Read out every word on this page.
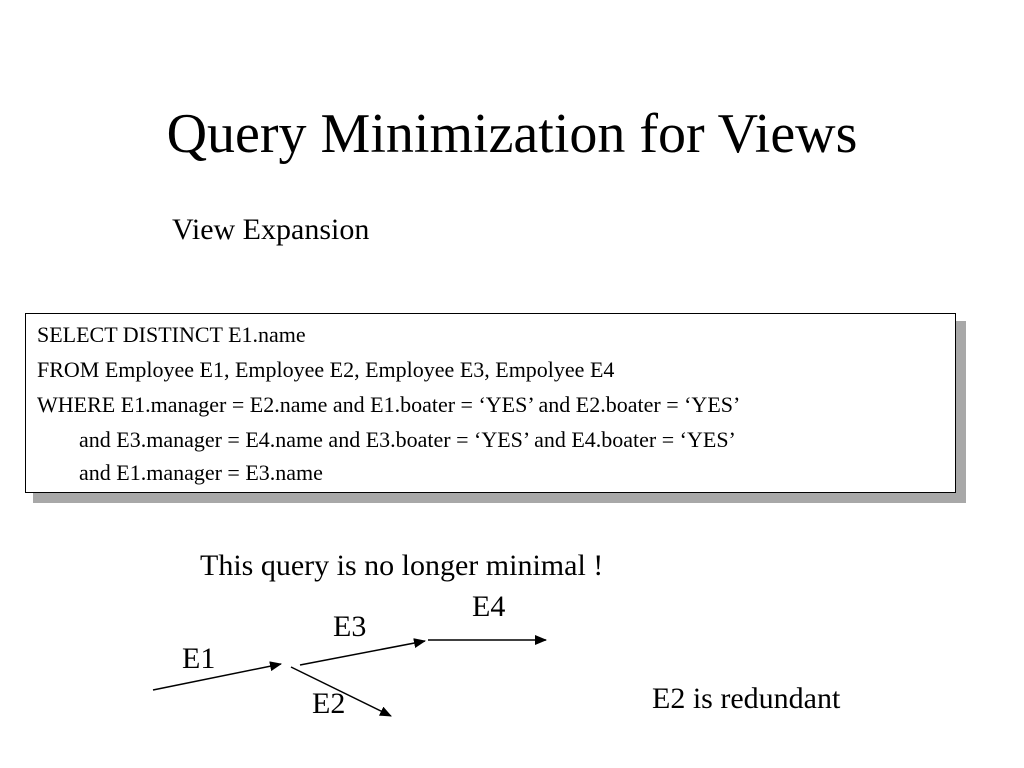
Query Minimization for Views
View Expansion
SELECT DISTINCT E1.name
FROM Employee E1, Employee E2, Employee E3, Empolyee E4
WHERE E1.manager = E2.name and E1.boater = ‘YES’ and E2.boater = ‘YES’
and E3.manager = E4.name and E3.boater = ‘YES’ and E4.boater = ‘YES’
and E1.manager = E3.name
This query is no longer minimal !
E1
E2
E3
E4
E2 is redundant
